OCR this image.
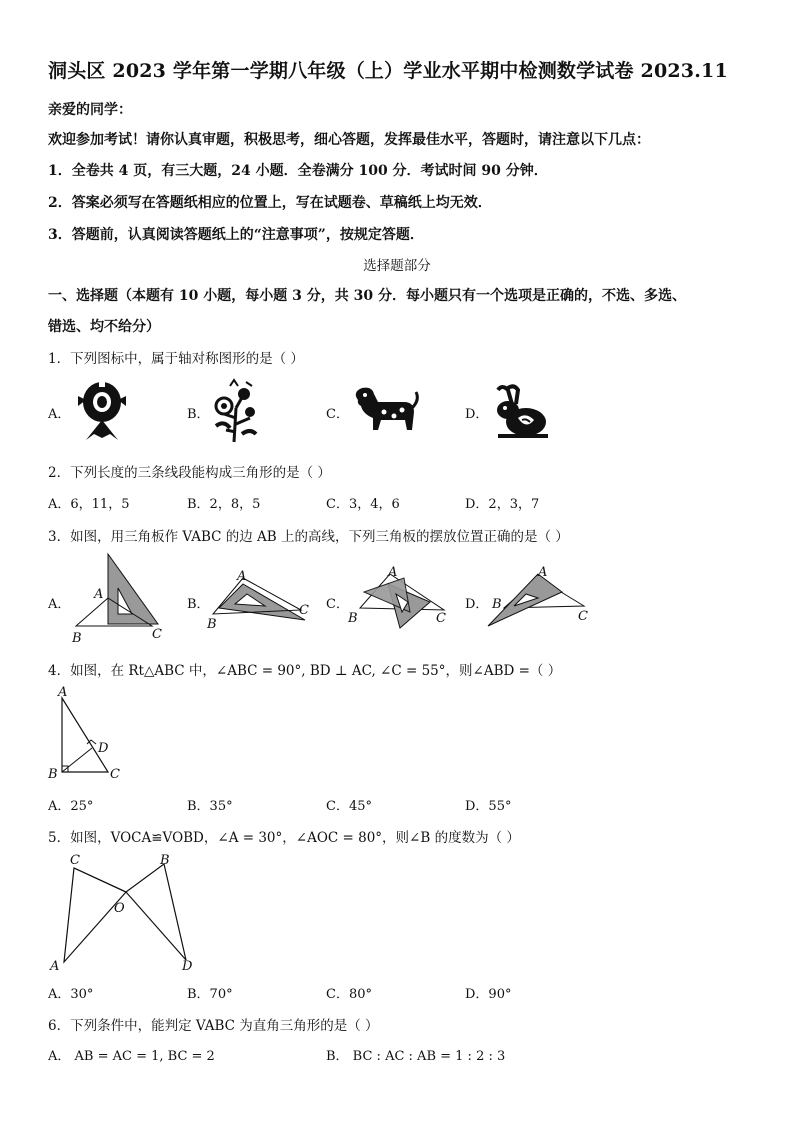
洞头区 2023 学年第一学期八年级（上）学业水平期中检测数学试卷 2023.11
亲爱的同学：
欢迎参加考试！请你认真审题，积极思考，细心答题，发挥最佳水平，答题时，请注意以下几点：
1．全卷共 4 页，有三大题，24 小题．全卷满分 100 分．考试时间 90 分钟．
2．答案必须写在答题纸相应的位置上，写在试题卷、草稿纸上均无效．
3．答题前，认真阅读答题纸上的“注意事项”，按规定答题．
选择题部分
一、选择题（本题有 10 小题，每小题 3 分，共 30 分．每小题只有一个选项是正确的，不选、多选、
错选、均不给分）
1．下列图标中，属于轴对称图形的是（ ）
A．	B．	C．	D．
2．下列长度的三条线段能构成三角形的是（ ）
A．6，11，5	B．2，8，5	C．3，4，6	D．2，3，7
3．如图，用三角板作 VABC 的边 AB 上的高线，下列三角板的摆放位置正确的是（ ）
A．	B．	C．	D．
A
B	C
A
B
C
A
B	C
A
B
C
4．如图，在 Rt△ABC 中，∠ABC = 90°, BD ⊥ AC, ∠C = 55°，则∠ABD =（ ）
A
B	C
D
A．25°	B．35°	C．45°	D．55°
5．如图，VOCA≌VOBD，∠A = 30°，∠AOC = 80°，则∠B 的度数为（ ）
C	B
A	D
O
A．30°	B．70°	C．80°	D．90°
6．下列条件中，能判定 VABC 为直角三角形的是（ ）
A． AB = AC = 1, BC = 2	B． BC : AC : AB = 1 : 2 : 3
